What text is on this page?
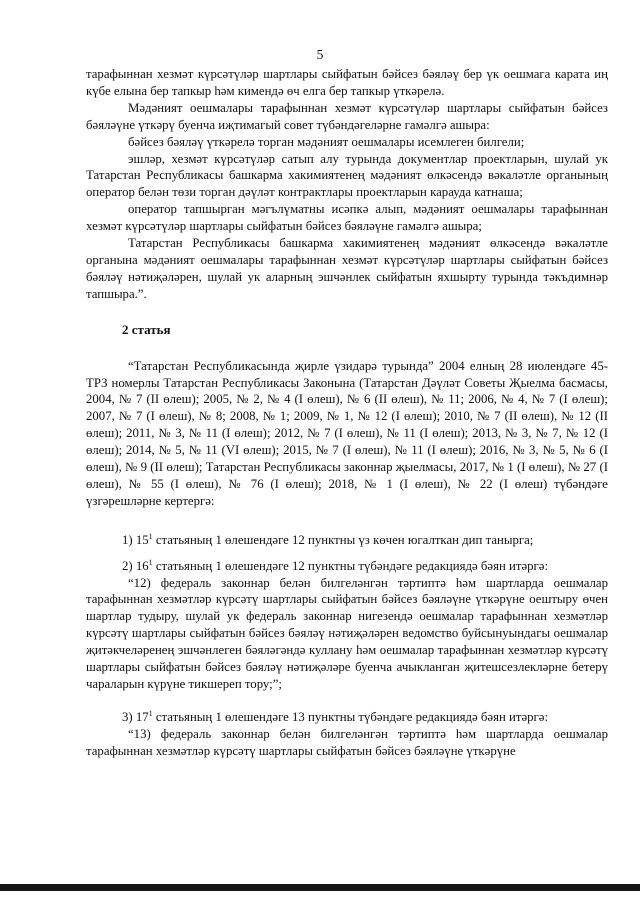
5

тарафыннан хезмәт күрсәтүләр шартлары сыйфатын бәйсез бәяләү бер үк оешмага карата иң күбе елына бер тапкыр һәм кимендә өч елга бер тапкыр үткәрелә.

Мәдәният оешмалары тарафыннан хезмәт күрсәтүләр шартлары сыйфатын бәйсез бәяләүне үткәрү буенча иҗтимагый совет түбәндәгеләрне гамәлгә ашыра:

бәйсез бәяләү үткәрелә торган мәдәният оешмалары исемлеген билгели;

эшләр, хезмәт күрсәтүләр сатып алу турында документлар проектларын, шулай ук Татарстан Республикасы башкарма хакимиятенең мәдәният өлкәсендә вәкаләтле органының оператор белән төзи торган дәүләт контрактлары проектларын карауда катнаша;

оператор тапшырган мәгълүматны исәпкә алып, мәдәният оешмалары тарафыннан хезмәт күрсәтүләр шартлары сыйфатын бәйсез бәяләүне гамәлгә ашыра;

Татарстан Республикасы башкарма хакимиятенең мәдәният өлкәсендә вәкаләтле органына мәдәният оешмалары тарафыннан хезмәт күрсәтүләр шартлары сыйфатын бәйсез бәяләү нәтиҗәләрен, шулай ук аларның эшчәнлек сыйфатын яхшырту турында тәкъдимнәр тапшыра.”.

2 статья

“Татарстан Республикасында җирле үзидарә турында” 2004 елның 28 июлендәге 45-ТРЗ номерлы Татарстан Республикасы Законына (Татарстан Дәүләт Советы Җыелма басмасы, 2004, № 7 (II өлеш); 2005, № 2, № 4 (I өлеш), № 6 (II өлеш), № 11; 2006, № 4, № 7 (I өлеш); 2007, № 7 (I өлеш), № 8; 2008, № 1; 2009, № 1, № 12 (I өлеш); 2010, № 7 (II өлеш), № 12 (II өлеш); 2011, № 3, № 11 (I өлеш); 2012, № 7 (I өлеш), № 11 (I өлеш); 2013, № 3, № 7, № 12 (I өлеш); 2014, № 5, № 11 (VI өлеш); 2015, № 7 (I өлеш), № 11 (I өлеш); 2016, № 3, № 5, № 6 (I өлеш), № 9 (II өлеш); Татарстан Республикасы законнар җыелмасы, 2017, № 1 (I өлеш), № 27 (I өлеш), № 55 (I өлеш), № 76 (I өлеш); 2018, № 1 (I өлеш), № 22 (I өлеш) түбәндәге үзгәрешләрне кертергә:

1) $15^1$ статьяның 1 өлешендәге 12 пунктны үз көчен югалткан дип танырга;

2) $16^1$ статьяның 1 өлешендәге 12 пунктны түбәндәге редакциядә бәян итәргә:

“12) федераль законнар белән билгеләнгән тәртиптә һәм шартларда оешмалар тарафыннан хезмәтләр күрсәтү шартлары сыйфатын бәйсез бәяләүне үткәрүне оештыру өчен шартлар тудыру, шулай ук федераль законнар нигезендә оешмалар тарафыннан хезмәтләр күрсәтү шартлары сыйфатын бәйсез бәяләү нәтиҗәләрен ведомство буйсынуындагы оешмалар җитәкчеләренең эшчәнлеген бәяләгәндә куллану һәм оешмалар тарафыннан хезмәтләр күрсәтү шартлары сыйфатын бәйсез бәяләү нәтиҗәләре буенча ачыкланган җитешсезлекләрне бетерү чараларын күрүне тикшереп тору;”;

3) $17^1$ статьяның 1 өлешендәге 13 пунктны түбәндәге редакциядә бәян итәргә:

“13) федераль законнар белән билгеләнгән тәртиптә һәм шартларда оешмалар тарафыннан хезмәтләр күрсәтү шартлары сыйфатын бәйсез бәяләүне үткәрүне
